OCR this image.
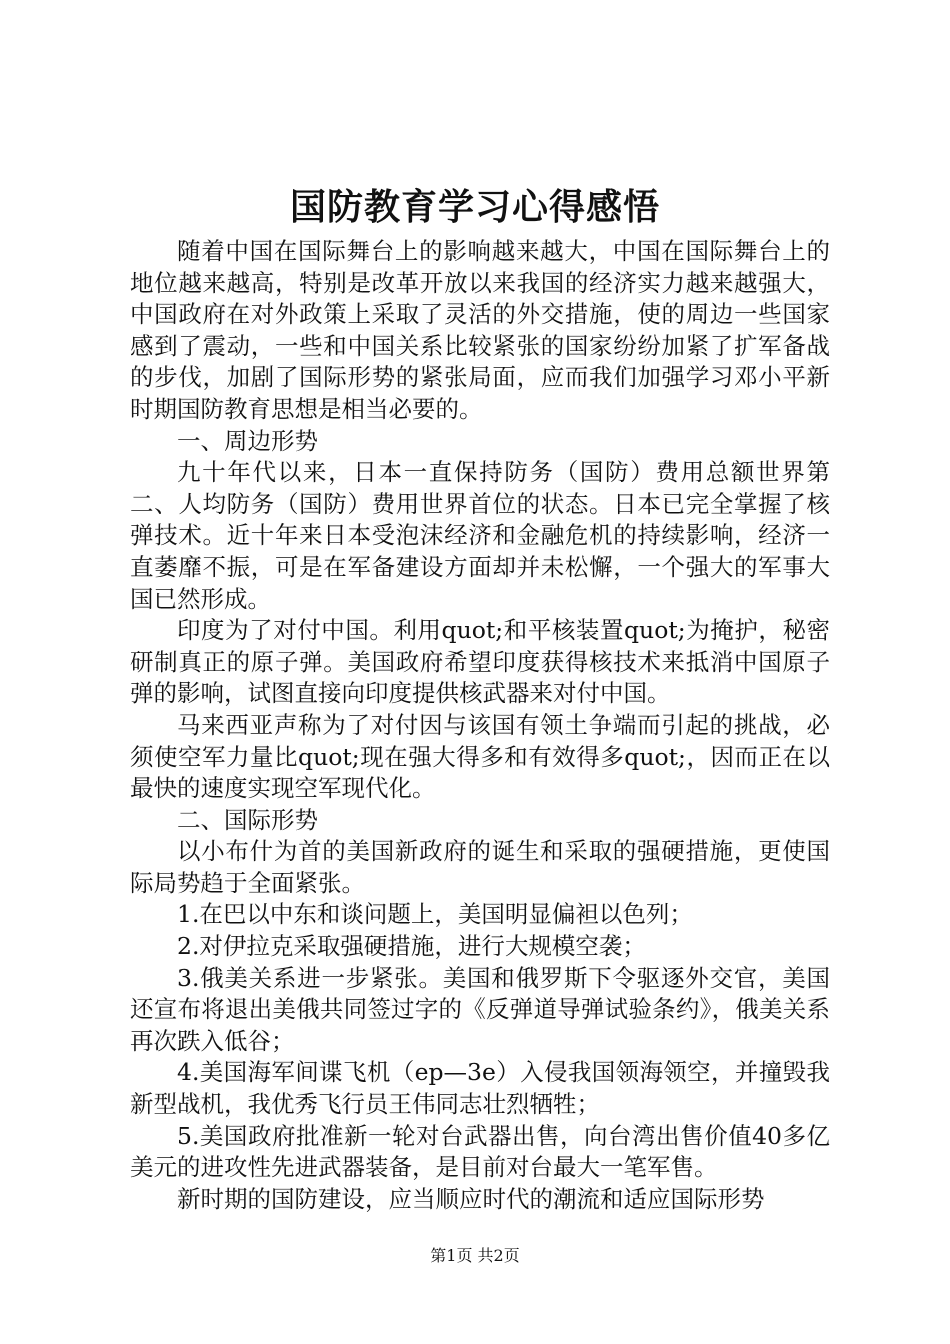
国防教育学习心得感悟

随着中国在国际舞台上的影响越来越大，中国在国际舞台上的地位越来越高，特别是改革开放以来我国的经济实力越来越强大，中国政府在对外政策上采取了灵活的外交措施，使的周边一些国家感到了震动，一些和中国关系比较紧张的国家纷纷加紧了扩军备战的步伐，加剧了国际形势的紧张局面，应而我们加强学习邓小平新时期国防教育思想是相当必要的。

一、周边形势

九十年代以来，日本一直保持防务（国防）费用总额世界第二、人均防务（国防）费用世界首位的状态。日本已完全掌握了核弹技术。近十年来日本受泡沫经济和金融危机的持续影响，经济一直萎靡不振，可是在军备建设方面却并未松懈，一个强大的军事大国已然形成。

印度为了对付中国。利用quot;和平核装置quot;为掩护，秘密研制真正的原子弹。美国政府希望印度获得核技术来抵消中国原子弹的影响，试图直接向印度提供核武器来对付中国。

马来西亚声称为了对付因与该国有领土争端而引起的挑战，必须使空军力量比quot;现在强大得多和有效得多quot;，因而正在以最快的速度实现空军现代化。

二、国际形势

以小布什为首的美国新政府的诞生和采取的强硬措施，更使国际局势趋于全面紧张。

1.在巴以中东和谈问题上，美国明显偏袒以色列；

2.对伊拉克采取强硬措施，进行大规模空袭；

3.俄美关系进一步紧张。美国和俄罗斯下令驱逐外交官，美国还宣布将退出美俄共同签过字的《反弹道导弹试验条约》，俄美关系再次跌入低谷；

4.美国海军间谍飞机（ep—3e）入侵我国领海领空，并撞毁我新型战机，我优秀飞行员王伟同志壮烈牺牲；

5.美国政府批准新一轮对台武器出售，向台湾出售价值40多亿美元的进攻性先进武器装备，是目前对台最大一笔军售。

新时期的国防建设，应当顺应时代的潮流和适应国际形势

第1页 共2页
